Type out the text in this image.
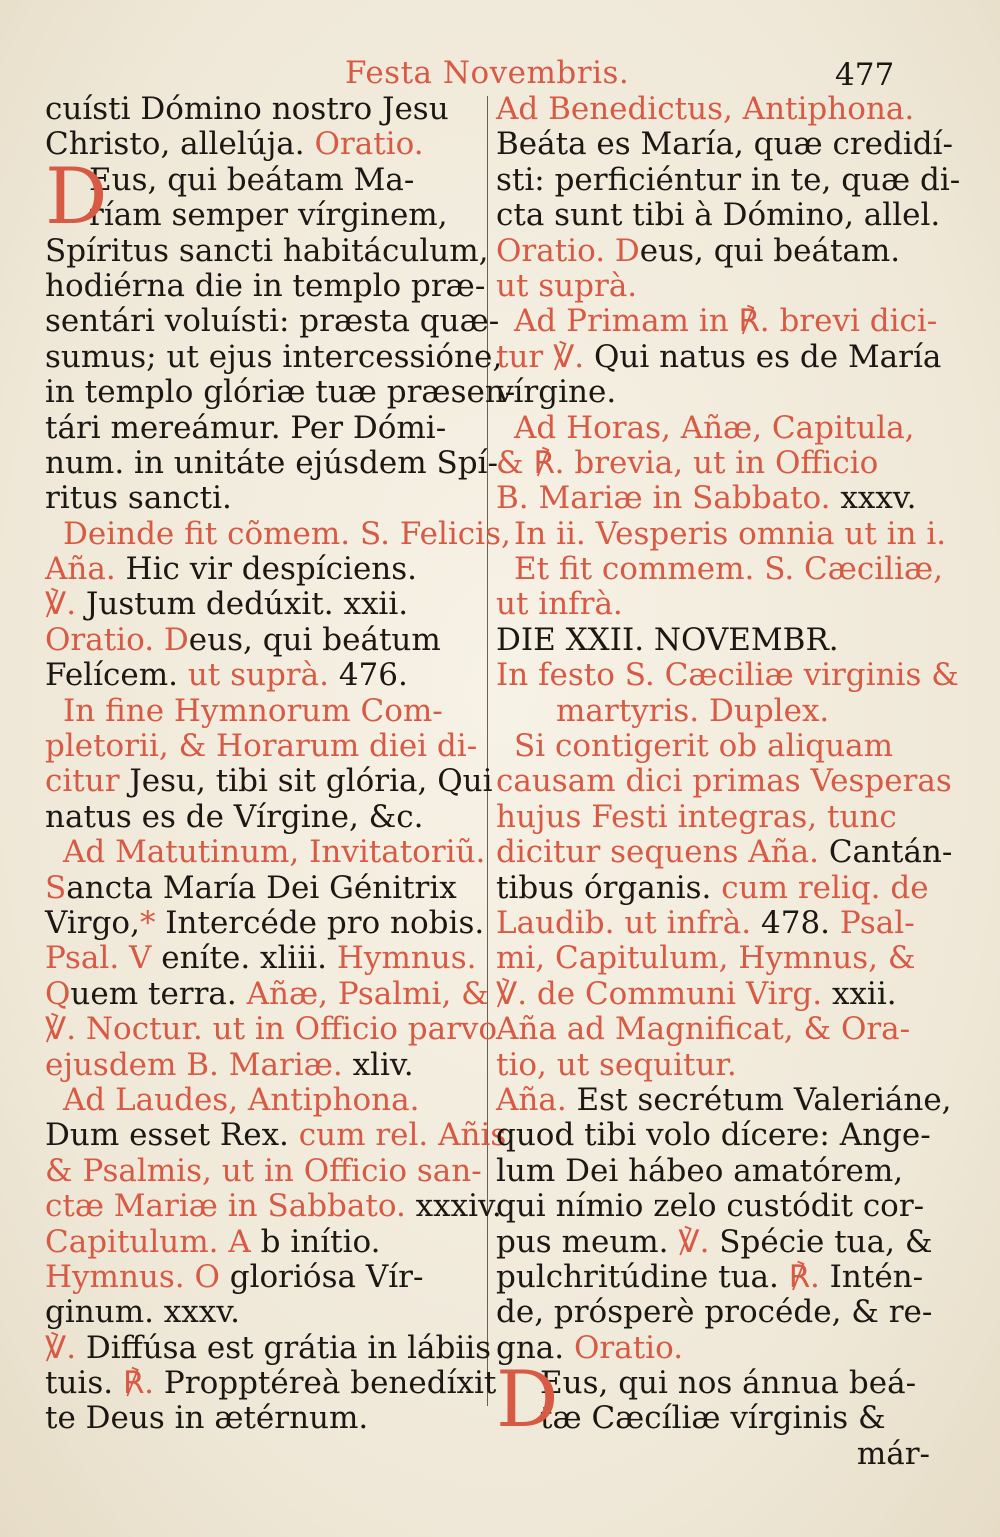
Festa Novembris.	477
cuísti Dómino nostro Jesu
Christo, allelúja. Oratio.
D
Eus, qui beátam Ma-
ríam semper vírginem,
Spíritus sancti habitáculum,
hodiérna die in templo præ-
sentári voluísti: præsta quæ-
sumus; ut ejus intercessióne,
in templo glóriæ tuæ præsen-
tári mereámur. Per Dómi-
num. in unitáte ejúsdem Spí-
ritus sancti.
Deinde fit cõmem. S. Felicis,
Aña. Hic vir despíciens.
℣. Justum dedúxit. xxii.
Oratio. Deus, qui beátum
Felícem. ut suprà. 476.
In fine Hymnorum Com-
pletorii, & Horarum diei di-
citur Jesu, tibi sit glória, Qui
natus es de Vírgine, &c.
Ad Matutinum, Invitatoriũ.
Sancta María Dei Génitrix
Virgo,* Intercéde pro nobis.
Psal. V eníte. xliii. Hymnus.
Quem terra. Añæ, Psalmi, &
℣. Noctur. ut in Officio parvo
ejusdem B. Mariæ. xliv.
Ad Laudes, Antiphona.
Dum esset Rex. cum rel. Añis
& Psalmis, ut in Officio san-
ctæ Mariæ in Sabbato. xxxiv.
Capitulum. A b inítio.
Hymnus. O gloriósa Vír-
ginum. xxxv.
℣. Diffúsa est grátia in lábiis
tuis. ℟. Propptéreà benedíxit
te Deus in ætérnum.
Ad Benedictus, Antiphona.
Beáta es María, quæ credidí-
sti: perficiéntur in te, quæ di-
cta sunt tibi à Dómino, allel.
Oratio. Deus, qui beátam.
ut suprà.
Ad Primam in ℟. brevi dici-
tur ℣. Qui natus es de María
vírgine.
Ad Horas, Añæ, Capitula,
& ℟. brevia, ut in Officio
B. Mariæ in Sabbato. xxxv.
In ii. Vesperis omnia ut in i.
Et fit commem. S. Cæciliæ,
ut infrà.
DIE XXII. NOVEMBR.
In festo S. Cæciliæ virginis &
martyris. Duplex.
Si contigerit ob aliquam
causam dici primas Vesperas
hujus Festi integras, tunc
dicitur sequens Aña. Cantán-
tibus órganis. cum reliq. de
Laudib. ut infrà. 478. Psal-
mi, Capitulum, Hymnus, &
℣. de Communi Virg. xxii.
Aña ad Magnificat, & Ora-
tio, ut sequitur.
Aña. Est secrétum Valeriáne,
quod tibi volo dícere: Ange-
lum Dei hábeo amatórem,
qui nímio zelo custódit cor-
pus meum. ℣. Spécie tua, &
pulchritúdine tua. ℟. Intén-
de, prósperè procéde, & re-
gna. Oratio.
D
Eus, qui nos ánnua beá-
tæ Cæcíliæ vírginis &
már-
